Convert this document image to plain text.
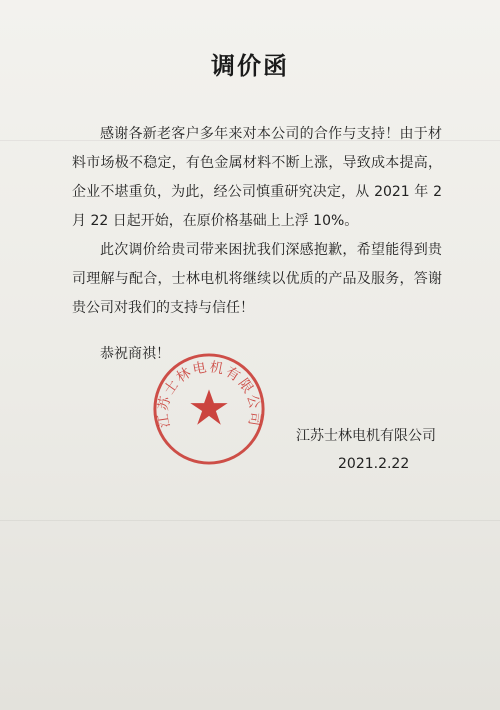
调价函

感谢各新老客户多年来对本公司的合作与支持！由于材料市场极不稳定，有色金属材料不断上涨，导致成本提高，企业不堪重负，为此，经公司慎重研究决定，从 2021 年 2 月 22 日起开始，在原价格基础上上浮 10%。

此次调价给贵司带来困扰我们深感抱歉，希望能得到贵司理解与配合，士林电机将继续以优质的产品及服务，答谢贵公司对我们的支持与信任！

恭祝商祺！
江苏士林电机有限公司
江苏士林电机有限公司
2021.2.22
